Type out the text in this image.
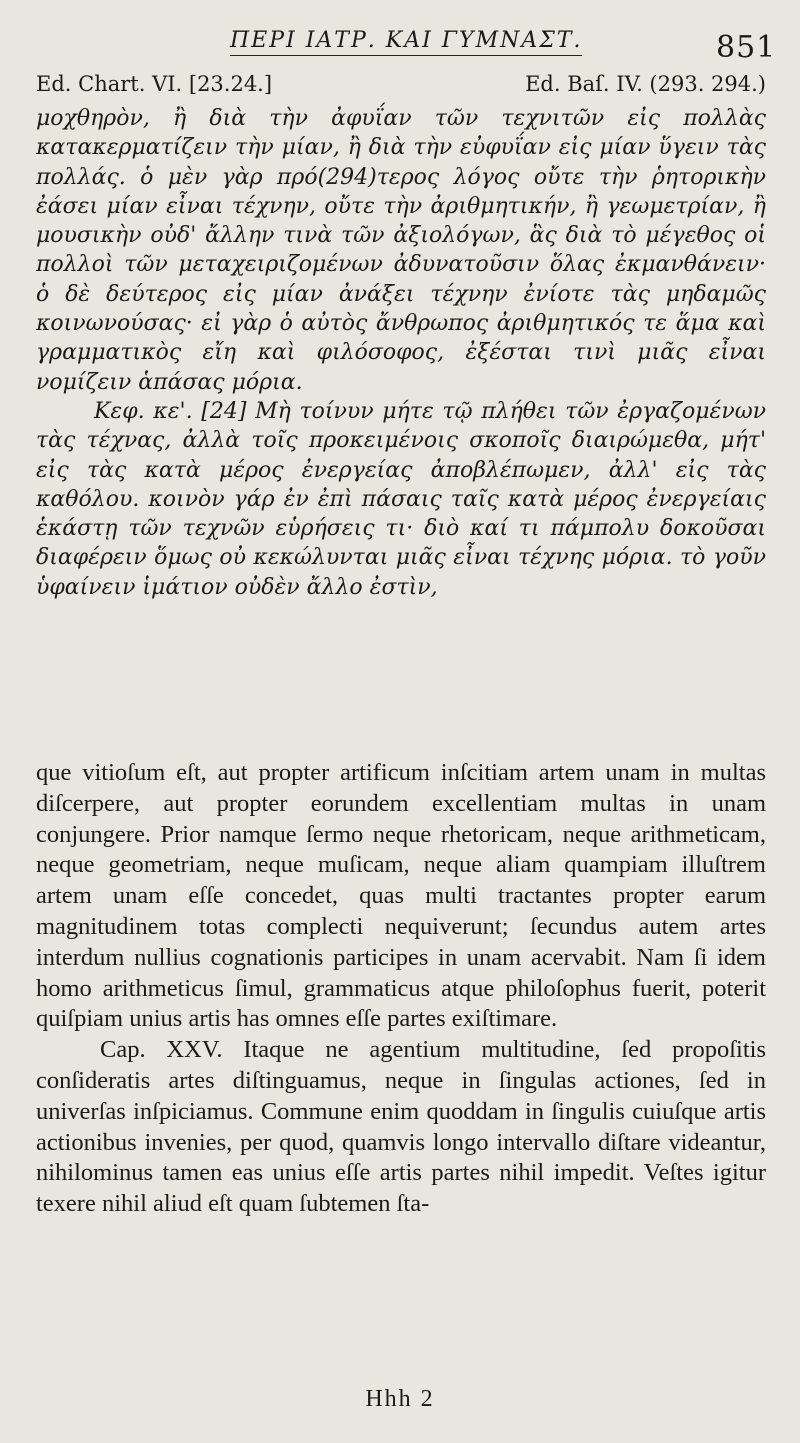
ΠΕΡΙ ΙΑΤΡ. ΚΑΙ ΓΥΜΝΑΣΤ.	851
Ed. Chart. VI. [23.24.]	Ed. Baſ. IV. (293. 294.)

μοχθηρὸν, ἢ διὰ τὴν ἀφυΐαν τῶν τεχνιτῶν εἰς πολλὰς κατακερματίζειν τὴν μίαν, ἢ διὰ τὴν εὐφυΐαν εἰς μίαν ὕγειν τὰς πολλάς. ὁ μὲν γὰρ πρό(294)τερος λόγος οὔτε τὴν ῥητορικὴν ἐάσει μίαν εἶναι τέχνην, οὔτε τὴν ἀριθμητικήν, ἢ γεωμετρίαν, ἢ μουσικὴν οὐδ' ἄλλην τινὰ τῶν ἀξιολόγων, ἃς διὰ τὸ μέγεθος οἱ πολλοὶ τῶν μεταχειριζομένων ἀδυνατοῦσιν ὅλας ἐκμανθάνειν· ὁ δὲ δεύτερος εἰς μίαν ἀνάξει τέχνην ἐνίοτε τὰς μηδαμῶς κοινωνούσας· εἰ γὰρ ὁ αὐτὸς ἄνθρωπος ἀριθμητικός τε ἅμα καὶ γραμματικὸς εἴη καὶ φιλόσοφος, ἐξέσται τινὶ μιᾶς εἶναι νομίζειν ἁπάσας μόρια.

Κεφ. κε'. [24] Μὴ τοίνυν μήτε τῷ πλήθει τῶν ἐργαζομένων τὰς τέχνας, ἀλλὰ τοῖς προκειμένοις σκοποῖς διαιρώμεθα, μήτ' εἰς τὰς κατὰ μέρος ἐνεργείας ἀποβλέπωμεν, ἀλλ' εἰς τὰς καθόλου. κοινὸν γάρ ἐν ἐπὶ πάσαις ταῖς κατὰ μέρος ἐνεργείαις ἑκάστῃ τῶν τεχνῶν εὑρήσεις τι· διὸ καί τι πάμπολυ δοκοῦσαι διαφέρειν ὅμως οὐ κεκώλυνται μιᾶς εἶναι τέχνης μόρια. τὸ γοῦν ὑφαίνειν ἱμάτιον οὐδὲν ἄλλο ἐστὶν,

que vitioſum eſt, aut propter artificum inſcitiam artem unam in multas diſcerpere, aut propter eorundem excellentiam multas in unam conjungere. Prior namque ſermo neque rhetoricam, neque arithmeticam, neque geometriam, neque muſicam, neque aliam quampiam illuſtrem artem unam eſſe concedet, quas multi tractantes propter earum magnitudinem totas complecti nequiverunt; ſecundus autem artes interdum nullius cognationis participes in unam acervabit. Nam ſi idem homo arithmeticus ſimul, grammaticus atque philoſophus fuerit, poterit quiſpiam unius artis has omnes eſſe partes exiſtimare.

Cap. XXV. Itaque ne agentium multitudine, ſed propoſitis conſideratis artes diſtinguamus, neque in ſingulas actiones, ſed in univerſas inſpiciamus. Commune enim quoddam in ſingulis cuiuſque artis actionibus invenies, per quod, quamvis longo intervallo diſtare videantur, nihilominus tamen eas unius eſſe artis partes nihil impedit. Veſtes igitur texere nihil aliud eſt quam ſubtemen ſta-

Hhh 2
